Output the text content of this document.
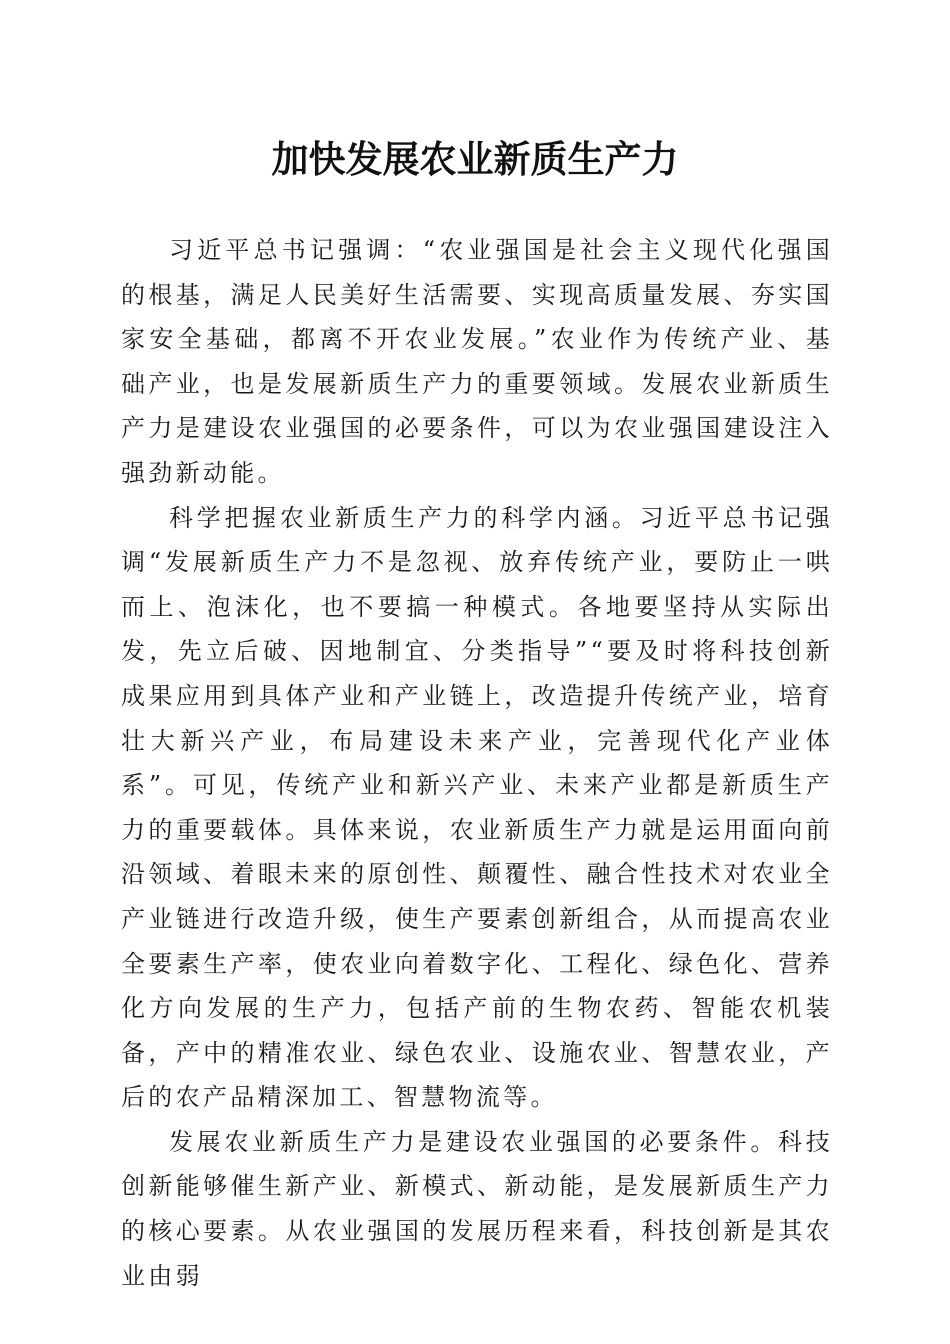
加快发展农业新质生产力

习近平总书记强调：“农业强国是社会主义现代化强国的根基，满足人民美好生活需要、实现高质量发展、夯实国家安全基础，都离不开农业发展。”农业作为传统产业、基础产业，也是发展新质生产力的重要领域。发展农业新质生产力是建设农业强国的必要条件，可以为农业强国建设注入强劲新动能。

科学把握农业新质生产力的科学内涵。习近平总书记强调“发展新质生产力不是忽视、放弃传统产业，要防止一哄而上、泡沫化，也不要搞一种模式。各地要坚持从实际出发，先立后破、因地制宜、分类指导”“要及时将科技创新成果应用到具体产业和产业链上，改造提升传统产业，培育壮大新兴产业，布局建设未来产业，完善现代化产业体系”。可见，传统产业和新兴产业、未来产业都是新质生产力的重要载体。具体来说，农业新质生产力就是运用面向前沿领域、着眼未来的原创性、颠覆性、融合性技术对农业全产业链进行改造升级，使生产要素创新组合，从而提高农业全要素生产率，使农业向着数字化、工程化、绿色化、营养化方向发展的生产力，包括产前的生物农药、智能农机装备，产中的精准农业、绿色农业、设施农业、智慧农业，产后的农产品精深加工、智慧物流等。

发展农业新质生产力是建设农业强国的必要条件。科技创新能够催生新产业、新模式、新动能，是发展新质生产力的核心要素。从农业强国的发展历程来看，科技创新是其农业由弱
